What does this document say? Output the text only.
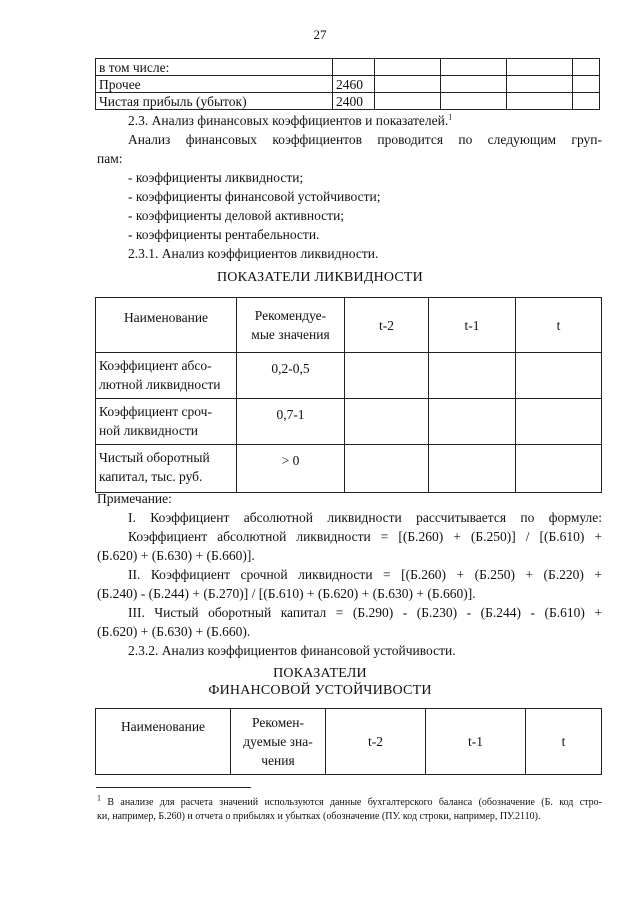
27
в том числе:					
Прочее	2460				
Чистая прибыль (убыток)	2400				
2.3. Анализ финансовых коэффициентов и показателей.$^1$
Анализ финансовых коэффициентов проводится по следующим груп-
пам:
- коэффициенты ликвидности;
- коэффициенты финансовой устойчивости;
- коэффициенты деловой активности;
- коэффициенты рентабельности.
2.3.1. Анализ коэффициентов ликвидности.
ПОКАЗАТЕЛИ ЛИКВИДНОСТИ
Наименование	Рекомендуе-
мые значения	t-2	t-1	t

Коэффициент абсо-
лютной ликвидности	0,2-0,5			

Коэффициент сроч-
ной ликвидности	0,7-1			

Чистый оборотный
капитал, тыс. руб.	> 0			
Примечание:
I. Коэффициент абсолютной ликвидности рассчитывается по формуле:
Коэффициент абсолютной ликвидности = [(Б.260) + (Б.250)] / [(Б.610) +
(Б.620) + (Б.630) + (Б.660)].
II. Коэффициент срочной ликвидности = [(Б.260) + (Б.250) + (Б.220) +
(Б.240) - (Б.244) + (Б.270)] / [(Б.610) + (Б.620) + (Б.630) + (Б.660)].
III. Чистый оборотный капитал = (Б.290) - (Б.230) - (Б.244) - (Б.610) +
(Б.620) + (Б.630) + (Б.660).
2.3.2. Анализ коэффициентов финансовой устойчивости.
ПОКАЗАТЕЛИ
ФИНАНСОВОЙ УСТОЙЧИВОСТИ
Наименование	Рекомен-
дуемые зна-
чения
	t-2	t-1	t
$^1$ В анализе для расчета значений используются данные бухгалтерского баланса (обозначение (Б. код стро-
ки, например, Б.260) и отчета о прибылях и убытках (обозначение (ПУ. код строки, например, ПУ.2110).
